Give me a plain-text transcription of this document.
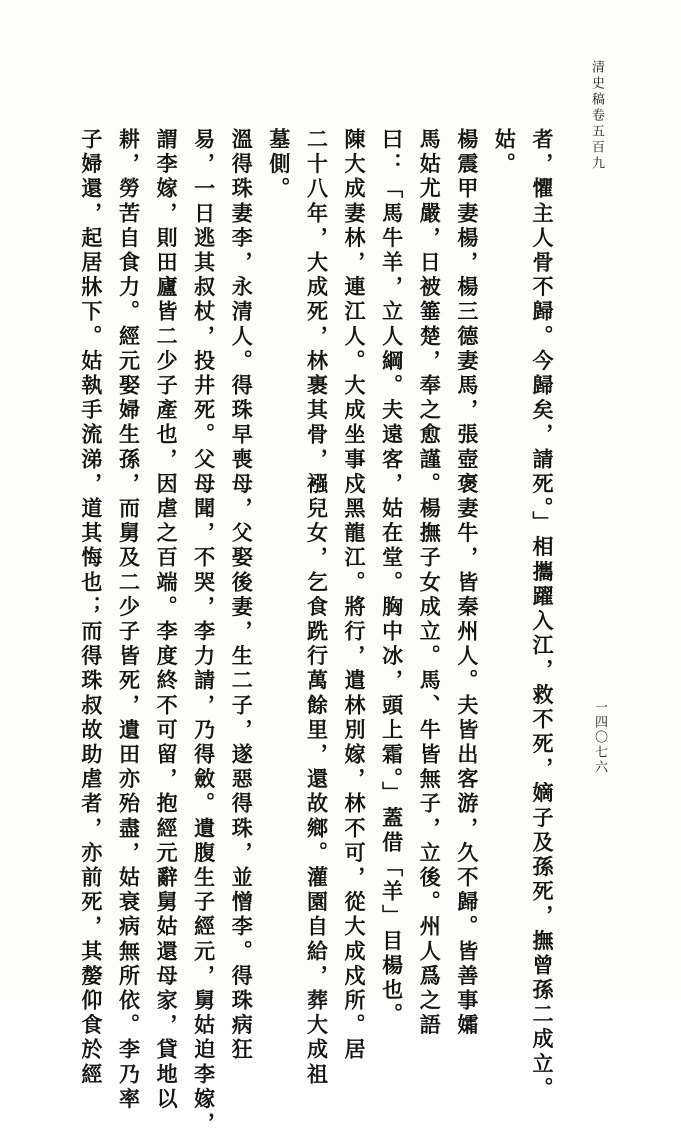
清史稿卷五百九
一四〇七六
者，懼主人骨不歸。今歸矣，請死。」相攜躍入江，救不死，嫡子及孫死，撫曾孫二成立。
姑。
楊震甲妻楊，楊三德妻馬，張壺褒妻牛，皆秦州人。夫皆出客游，久不歸。皆善事孀
馬姑尤嚴，日被箠楚，奉之愈謹。楊撫子女成立。馬、牛皆無子，立後。州人爲之語
曰：「馬牛羊，立人綱。夫遠客，姑在堂。胸中冰，頭上霜。」蓋借「羊」目楊也。
陳大成妻林，連江人。大成坐事戍黑龍江。將行，遣林別嫁，林不可，從大成戍所。居
二十八年，大成死，林裹其骨，襁兒女，乞食跣行萬餘里，還故鄉。灌園自給，葬大成祖
墓側。
溫得珠妻李，永清人。得珠早喪母，父娶後妻，生二子，遂惡得珠，並憎李。得珠病狂
易，一日逃其叔杖，投井死。父母聞，不哭，李力請，乃得斂。遺腹生子經元，舅姑迫李嫁，
謂李嫁，則田廬皆二少子產也，因虐之百端。李度終不可留，抱經元辭舅姑還母家，貸地以
耕，勞苦自食力。經元娶婦生孫，而舅及二少子皆死，遺田亦殆盡，姑衰病無所依。李乃率
子婦還，起居牀下。姑執手流涕，道其悔也；而得珠叔故助虐者，亦前死，其嫠仰食於經
